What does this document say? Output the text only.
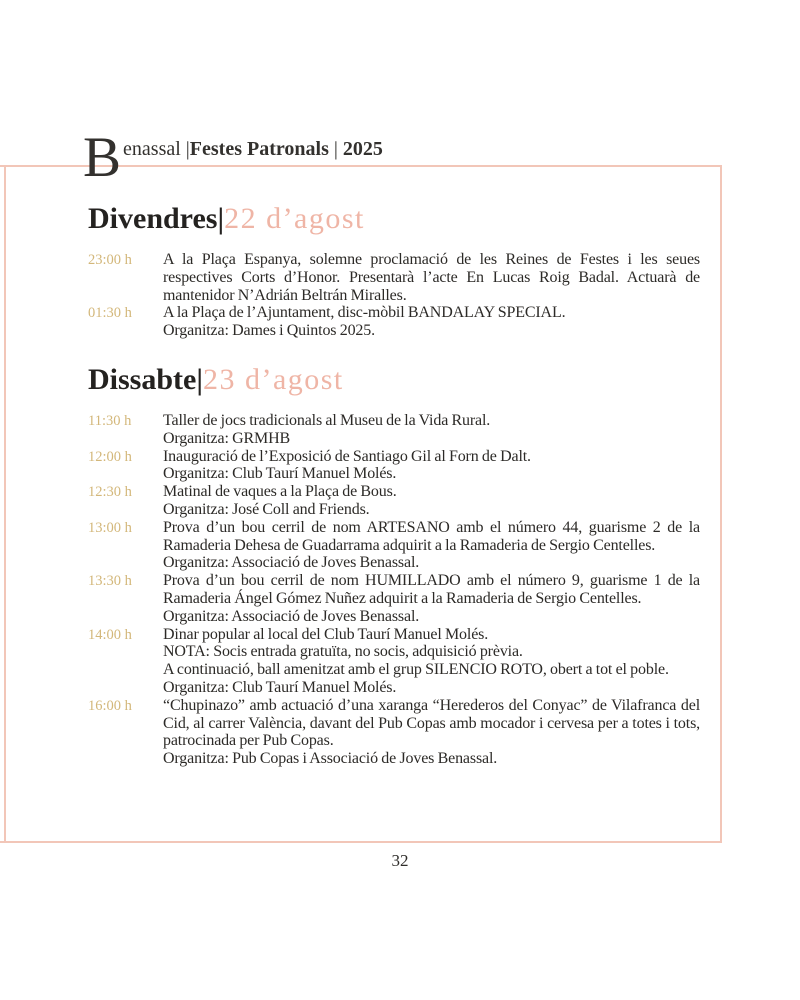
B enassal |Festes Patronals | 2025
Divendres|22 d’agost
23:00 h	A la Plaça Espanya, solemne proclamació de les Reines de Festes i les seues respectives Corts d’Honor. Presentarà l’acte En Lucas Roig Badal. Actuarà de mantenidor N’Adrián Beltrán Miralles.

01:30 h	A la Plaça de l’Ajuntament, disc-mòbil BANDALAY SPECIAL.

Organitza: Dames i Quintos 2025.

Dissabte|23 d’agost
11:30 h	Taller de jocs tradicionals al Museu de la Vida Rural.

Organitza: GRMHB

12:00 h	Inauguració de l’Exposició de Santiago Gil al Forn de Dalt.

Organitza: Club Taurí Manuel Molés.

12:30 h	Matinal de vaques a la Plaça de Bous.

Organitza: José Coll and Friends.

13:00 h	Prova d’un bou cerril de nom ARTESANO amb el número 44, guarisme 2 de la Ramaderia Dehesa de Guadarrama adquirit a la Ramaderia de Sergio Centelles.

Organitza: Associació de Joves Benassal.

13:30 h	Prova d’un bou cerril de nom HUMILLADO amb el número 9, guarisme 1 de la Ramaderia Ángel Gómez Nuñez adquirit a la Ramaderia de Sergio Centelles.

Organitza: Associació de Joves Benassal.

14:00 h	Dinar popular al local del Club Taurí Manuel Molés.

NOTA: Socis entrada gratuïta, no socis, adquisició prèvia.

A continuació, ball amenitzat amb el grup SILENCIO ROTO, obert a tot el poble.

Organitza: Club Taurí Manuel Molés.

16:00 h	“Chupinazo” amb actuació d’una xaranga “Herederos del Conyac” de Vilafranca del Cid, al carrer València, davant del Pub Copas amb mocador i cervesa per a totes i tots, patrocinada per Pub Copas.

Organitza: Pub Copas i Associació de Joves Benassal.

32
